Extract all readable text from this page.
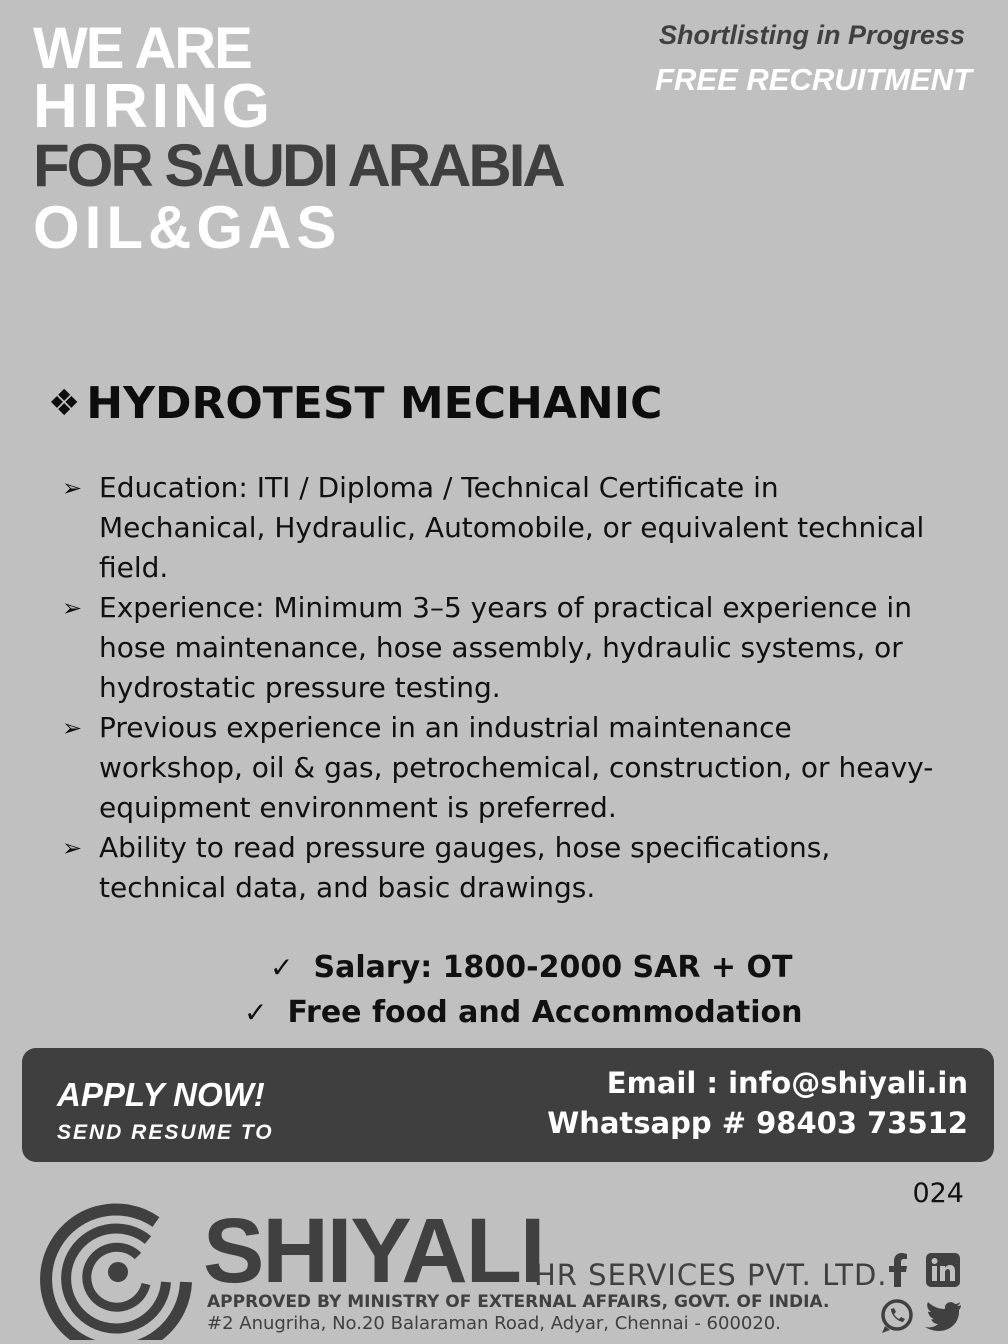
WE ARE
HIRING
FOR SAUDI ARABIA
OIL&GAS
Shortlisting in Progress
FREE RECRUITMENT
❖ HYDROTEST MECHANIC
➢ Education: ITI / Diploma / Technical Certificate in Mechanical, Hydraulic, Automobile, or equivalent technical field.
➢ Experience: Minimum 3–5 years of practical experience in hose maintenance, hose assembly, hydraulic systems, or hydrostatic pressure testing.
➢ Previous experience in an industrial maintenance workshop, oil & gas, petrochemical, construction, or heavy-equipment environment is preferred.
➢ Ability to read pressure gauges, hose specifications, technical data, and basic drawings.
✓ Salary: 1800-2000 SAR + OT
✓ Free food and Accommodation
APPLY NOW!
SEND RESUME TO
Email : info@shiyali.in
Whatsapp # 98403 73512
024
SHIYALI
HR SERVICES PVT. LTD.
APPROVED BY MINISTRY OF EXTERNAL AFFAIRS, GOVT. OF INDIA.
#2 Anugriha, No.20 Balaraman Road, Adyar, Chennai - 600020.
